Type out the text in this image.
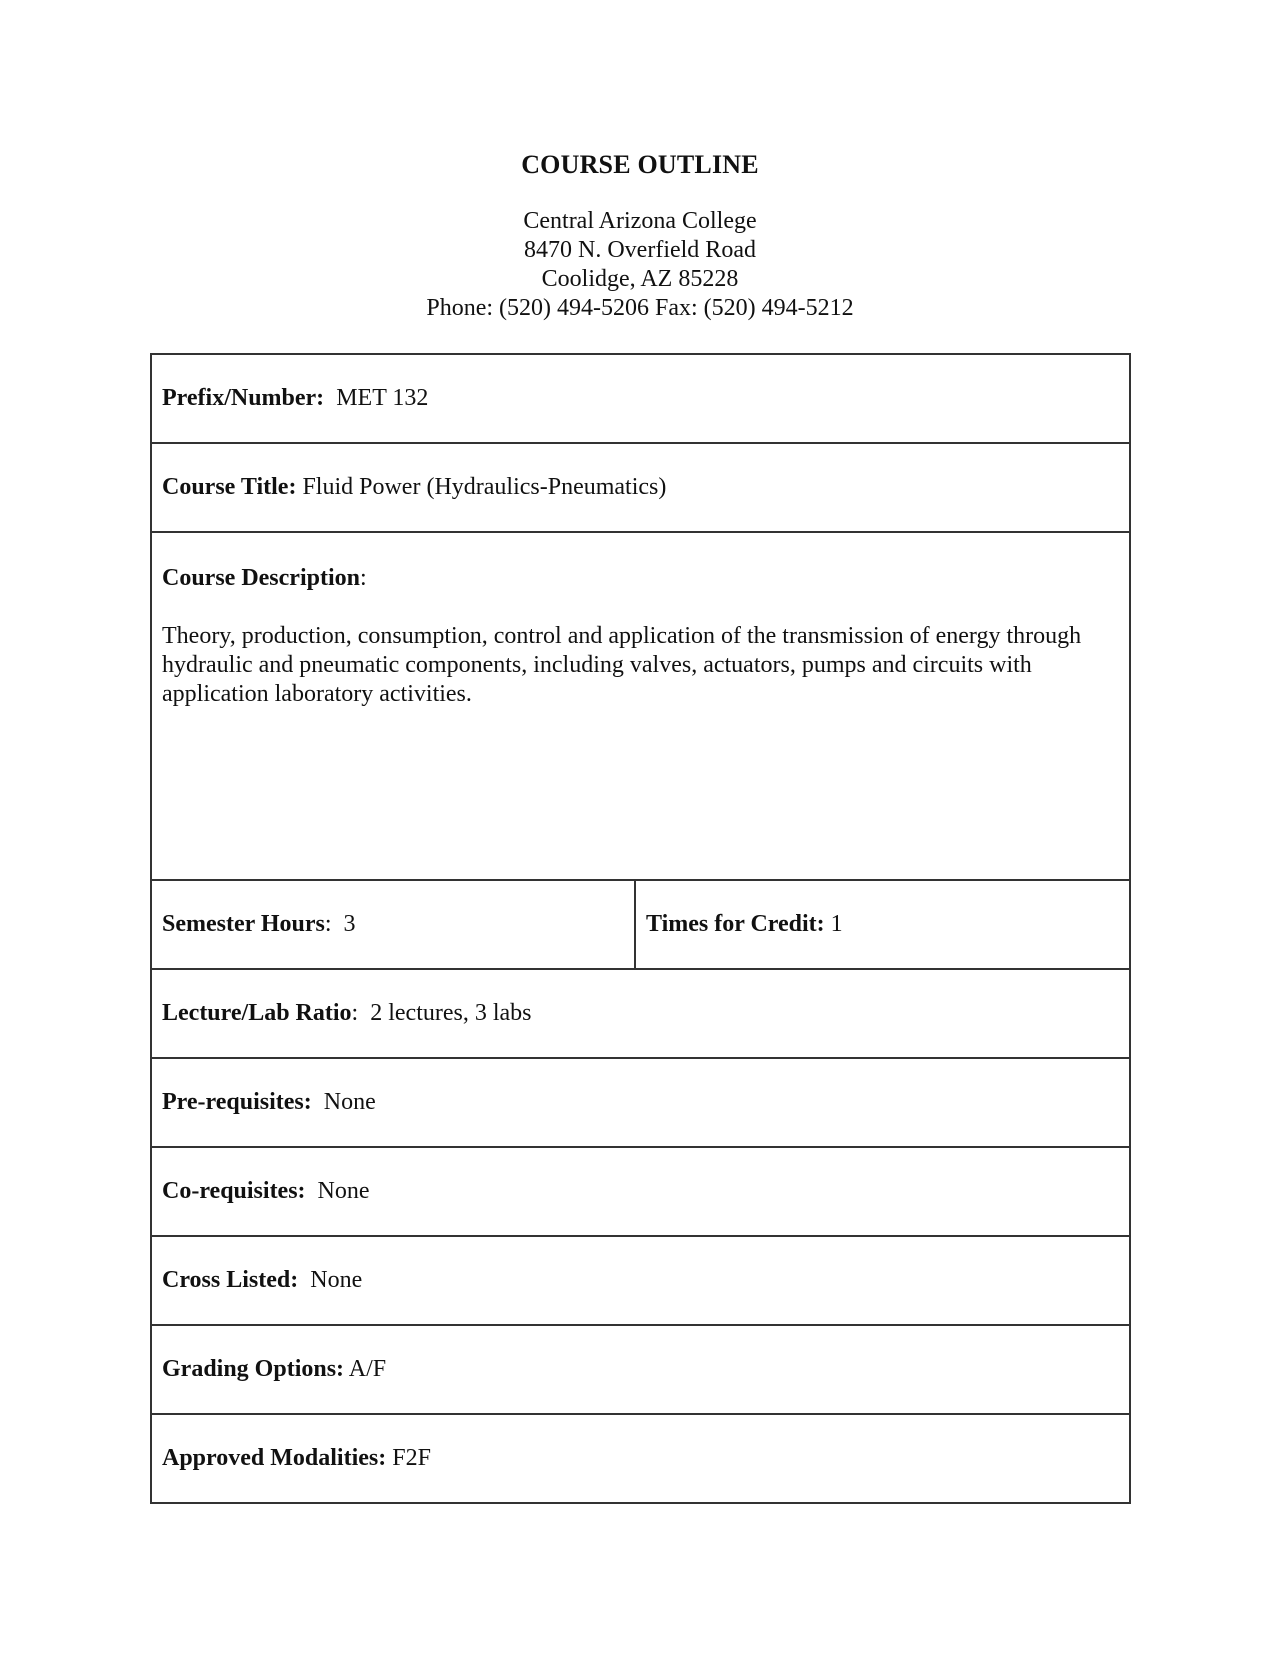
COURSE OUTLINE
Central Arizona College
8470 N. Overfield Road
Coolidge, AZ 85228
Phone: (520) 494-5206 Fax: (520) 494-5212
Prefix/Number: MET 132
Course Title: Fluid Power (Hydraulics-Pneumatics)

Course Description:
Theory, production, consumption, control and application of the transmission of energy through hydraulic and pneumatic components, including valves, actuators, pumps and circuits with application laboratory activities.

Semester Hours: 3	Times for Credit: 1
Lecture/Lab Ratio: 2 lectures, 3 labs
Pre-requisites: None
Co-requisites: None
Cross Listed: None
Grading Options: A/F
Approved Modalities: F2F
